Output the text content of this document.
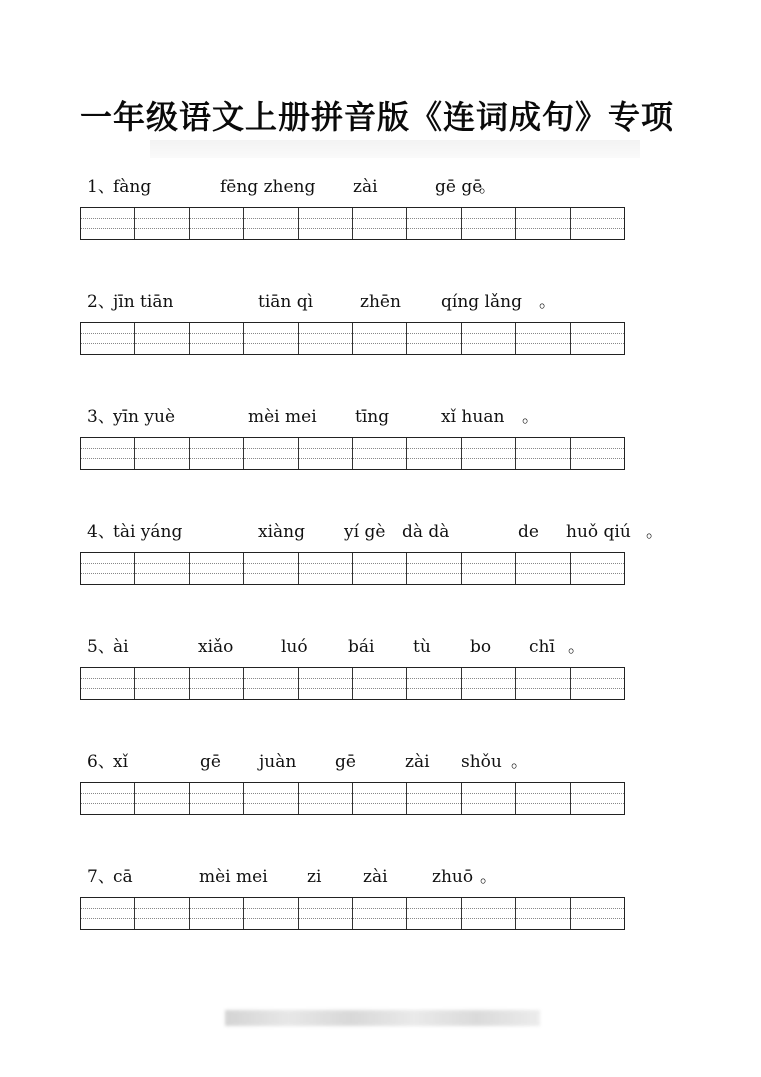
一年级语文上册拼音版《连词成句》专项
1、
fàng	fēng zheng zài	gē gē
。
2、
jīn tiān	tiān qì	zhēn qíng lǎng 。
3、
yīn yuè	mèi mei tīng	xǐ huan 。
4、
tài yáng	xiàng yí gè dà dà	de huǒ qiú 。
5、
ài	xiǎo	luó bái tù bo chī 。
6、
xǐ	gē juàn gē	zài shǒu 。
7、
cā	mèi mei zi zài	zhuō 。
